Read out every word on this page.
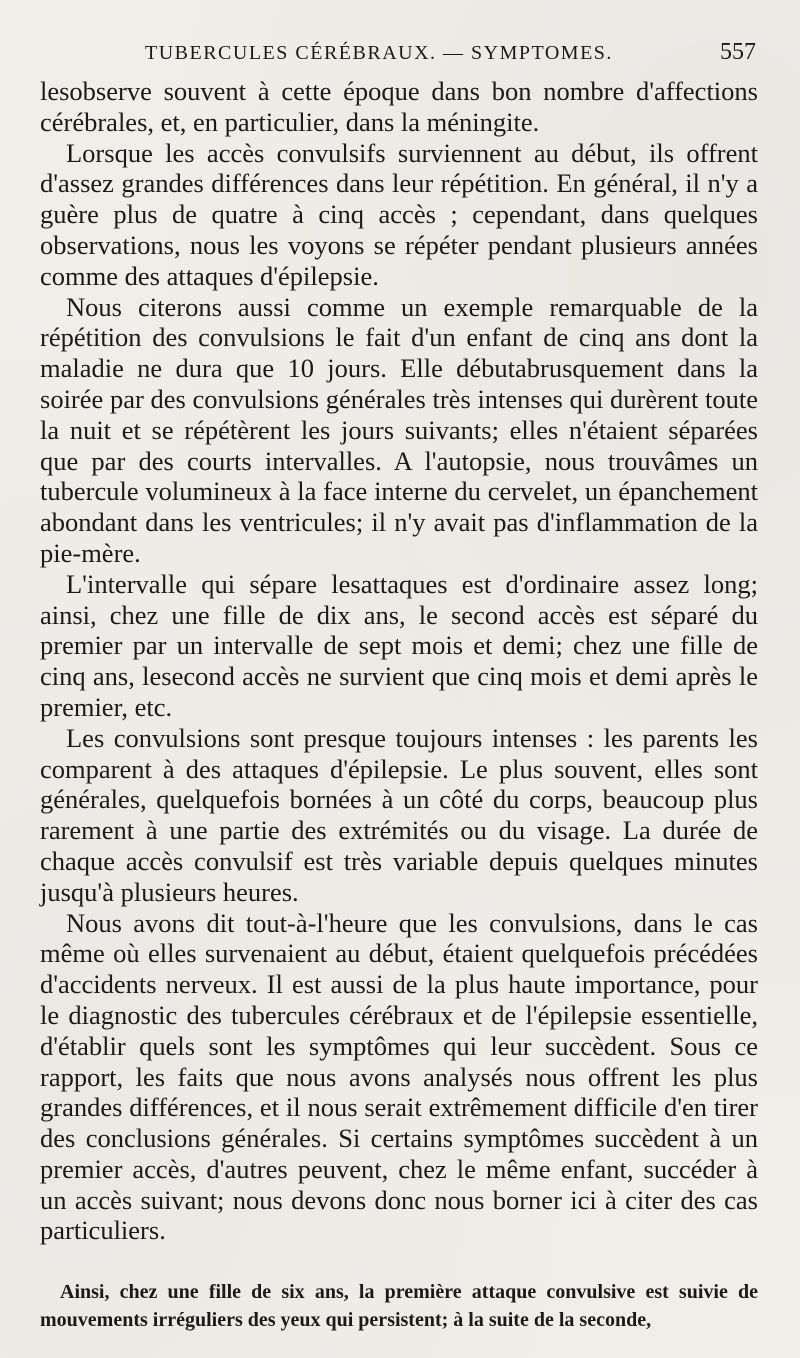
TUBERCULES CÉRÉBRAUX. — SYMPTOMES.	557

lesobserve souvent à cette époque dans bon nombre d'affections cérébrales, et, en particulier, dans la méningite.

Lorsque les accès convulsifs surviennent au début, ils offrent d'assez grandes différences dans leur répétition. En général, il n'y a guère plus de quatre à cinq accès ; cependant, dans quelques observations, nous les voyons se répéter pendant plusieurs années comme des attaques d'épilepsie.

Nous citerons aussi comme un exemple remarquable de la répétition des convulsions le fait d'un enfant de cinq ans dont la maladie ne dura que 10 jours. Elle débutabrusquement dans la soirée par des convulsions générales très intenses qui durèrent toute la nuit et se répétèrent les jours suivants; elles n'étaient séparées que par des courts intervalles. A l'autopsie, nous trouvâmes un tubercule volumineux à la face interne du cervelet, un épanchement abondant dans les ventricules; il n'y avait pas d'inflammation de la pie-mère.

L'intervalle qui sépare lesattaques est d'ordinaire assez long; ainsi, chez une fille de dix ans, le second accès est séparé du premier par un intervalle de sept mois et demi; chez une fille de cinq ans, lesecond accès ne survient que cinq mois et demi après le premier, etc.

Les convulsions sont presque toujours intenses : les parents les comparent à des attaques d'épilepsie. Le plus souvent, elles sont générales, quelquefois bornées à un côté du corps, beaucoup plus rarement à une partie des extrémités ou du visage. La durée de chaque accès convulsif est très variable depuis quelques minutes jusqu'à plusieurs heures.

Nous avons dit tout-à-l'heure que les convulsions, dans le cas même où elles survenaient au début, étaient quelquefois précédées d'accidents nerveux. Il est aussi de la plus haute importance, pour le diagnostic des tubercules cérébraux et de l'épilepsie essentielle, d'établir quels sont les symptômes qui leur succèdent. Sous ce rapport, les faits que nous avons analysés nous offrent les plus grandes différences, et il nous serait extrêmement difficile d'en tirer des conclusions générales. Si certains symptômes succèdent à un premier accès, d'autres peuvent, chez le même enfant, succéder à un accès suivant; nous devons donc nous borner ici à citer des cas particuliers.

Ainsi, chez une fille de six ans, la première attaque convulsive est suivie de mouvements irréguliers des yeux qui persistent; à la suite de la seconde,
